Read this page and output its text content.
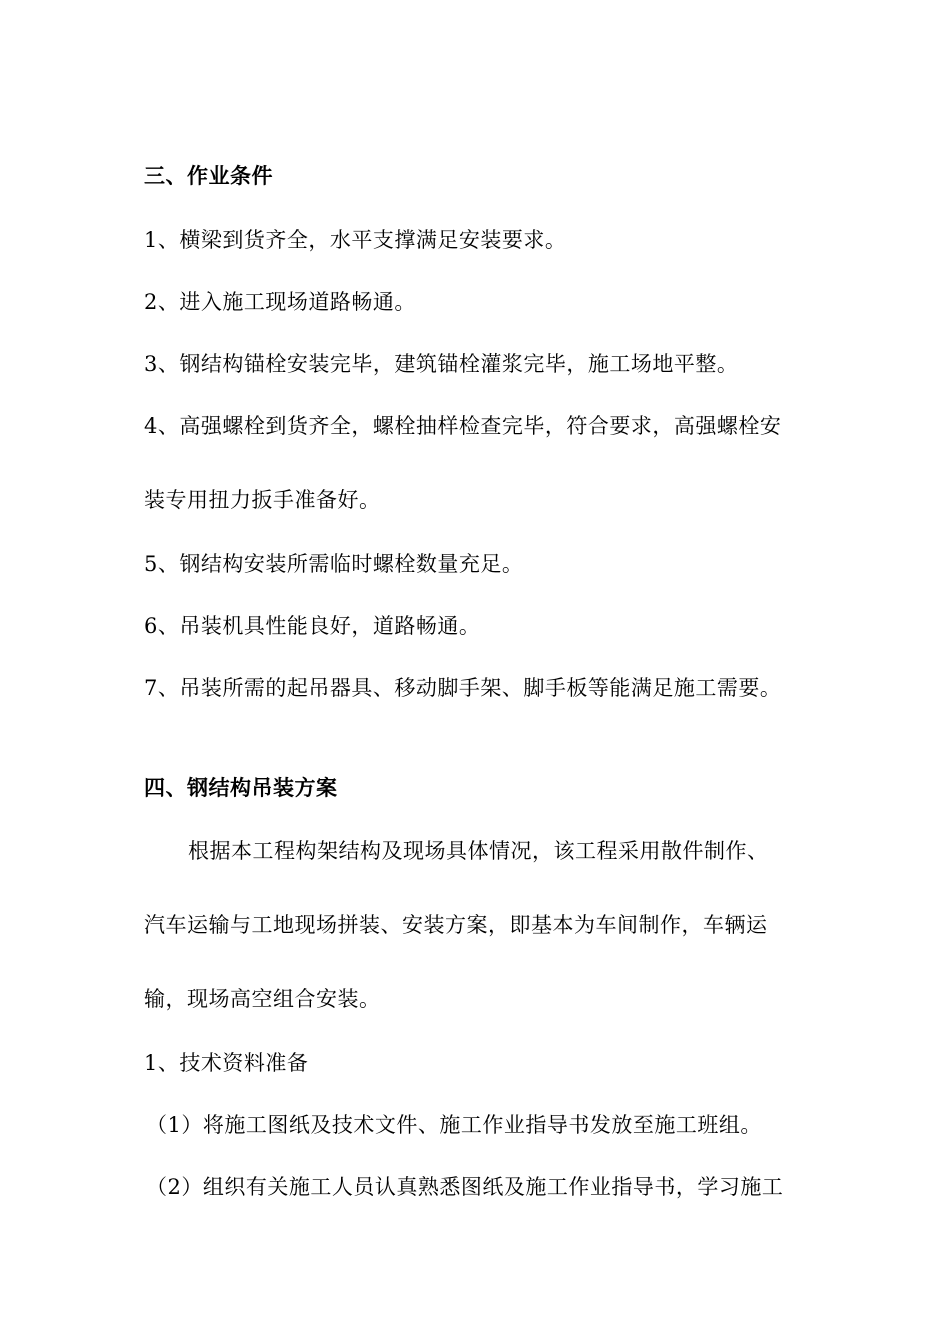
三、作业条件
1、横梁到货齐全，水平支撑满足安装要求。
2、进入施工现场道路畅通。
3、钢结构锚栓安装完毕，建筑锚栓灌浆完毕，施工场地平整。
4、高强螺栓到货齐全，螺栓抽样检查完毕，符合要求，高强螺栓安
装专用扭力扳手准备好。
5、钢结构安装所需临时螺栓数量充足。
6、吊装机具性能良好，道路畅通。
7、吊装所需的起吊器具、移动脚手架、脚手板等能满足施工需要。
四、钢结构吊装方案
根据本工程构架结构及现场具体情况，该工程采用散件制作、
汽车运输与工地现场拼装、安装方案，即基本为车间制作，车辆运
输，现场高空组合安装。
1、技术资料准备
（1）将施工图纸及技术文件、施工作业指导书发放至施工班组。
（2）组织有关施工人员认真熟悉图纸及施工作业指导书，学习施工
